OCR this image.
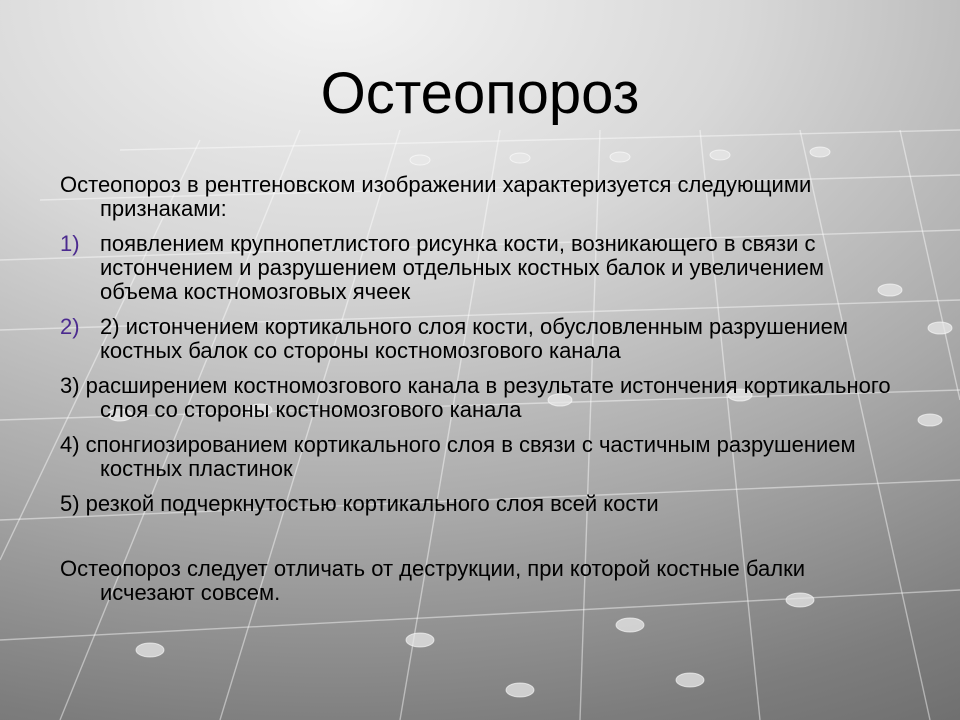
Остеопороз

Остеопороз в рентгеновском изображении характеризуется следующими признаками:

1) появлением крупнопетлистого рисунка кости, возникающего в связи с истончением и разрушением отдельных костных балок и увеличением объема костномозговых ячеек
2) 2) истончением кортикального слоя кости, обусловленным разрушением костных балок со стороны костномозгового канала

3) расширением костномозгового канала в результате истончения кортикального слоя со стороны костномозгового канала

4) спонгиозированием кортикального слоя в связи с частичным разрушением костных пластинок

5) резкой подчеркнутостью кортикального слоя всей кости

Остеопороз следует отличать от деструкции, при которой костные балки исчезают совсем.
